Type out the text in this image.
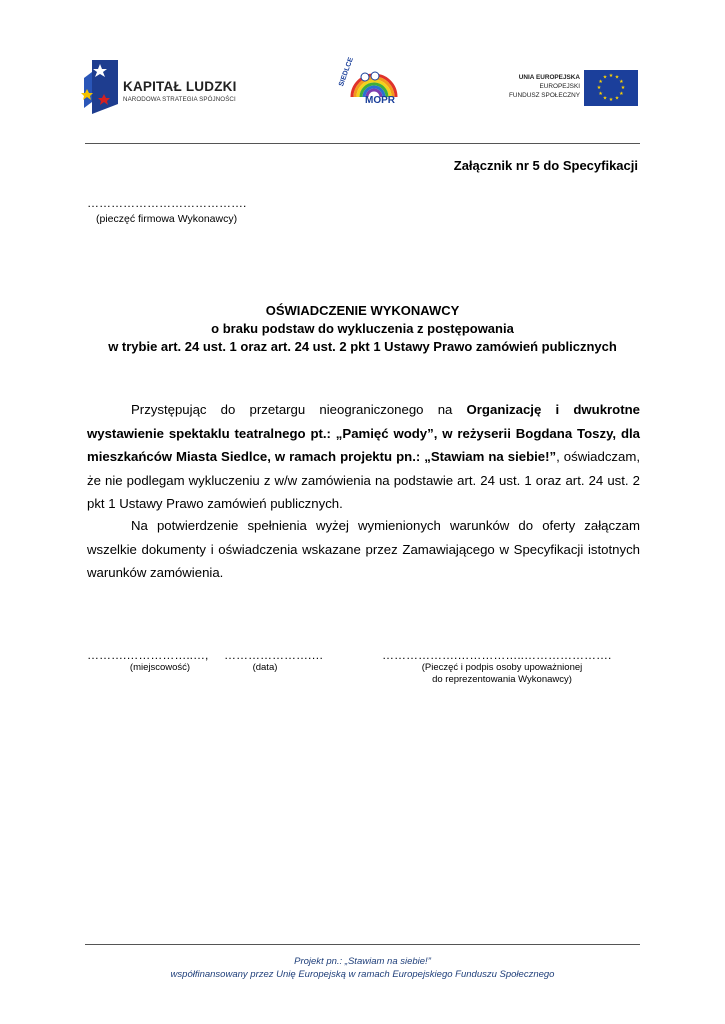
KAPITAŁ LUDZKI
NARODOWA STRATEGIA SPÓJNOŚCI
SIEDLCE
MOPR
UNIA EUROPEJSKA
EUROPEJSKI
FUNDUSZ SPOŁECZNY
★ ★
★
★
★
★
★
★
★
★
★
★
Załącznik nr 5 do Specyfikacji
………………………………….
(pieczęć firmowa Wykonawcy)
OŚWIADCZENIE WYKONAWCY
o braku podstaw do wykluczenia z postępowania
w trybie art. 24 ust. 1 oraz art. 24 ust. 2 pkt 1 Ustawy Prawo zamówień publicznych
Przystępując do przetargu nieograniczonego na Organizację i dwukrotne wystawienie spektaklu teatralnego pt.: „Pamięć wody”, w reżyserii Bogdana Toszy, dla mieszkańców Miasta Siedlce, w ramach projektu pn.: „Stawiam na siebie!”, oświadczam, że nie podlegam wykluczeniu z w/w zamówienia na podstawie art. 24 ust. 1 oraz art. 24 ust. 2 pkt 1 Ustawy Prawo zamówień publicznych.
Na potwierdzenie spełnienia wyżej wymienionych warunków do oferty załączam wszelkie dokumenty i oświadczenia wskazane przez Zamawiającego w Specyfikacji istotnych warunków zamówienia.
……….……………..…, ………………….…	……………….……………..………………….
(miejscowość)	(data)	(Pieczęć i podpis osoby upoważnionej
do reprezentowania Wykonawcy)
Projekt pn.: „Stawiam na siebie!”
współfinansowany przez Unię Europejską w ramach Europejskiego Funduszu Społecznego
